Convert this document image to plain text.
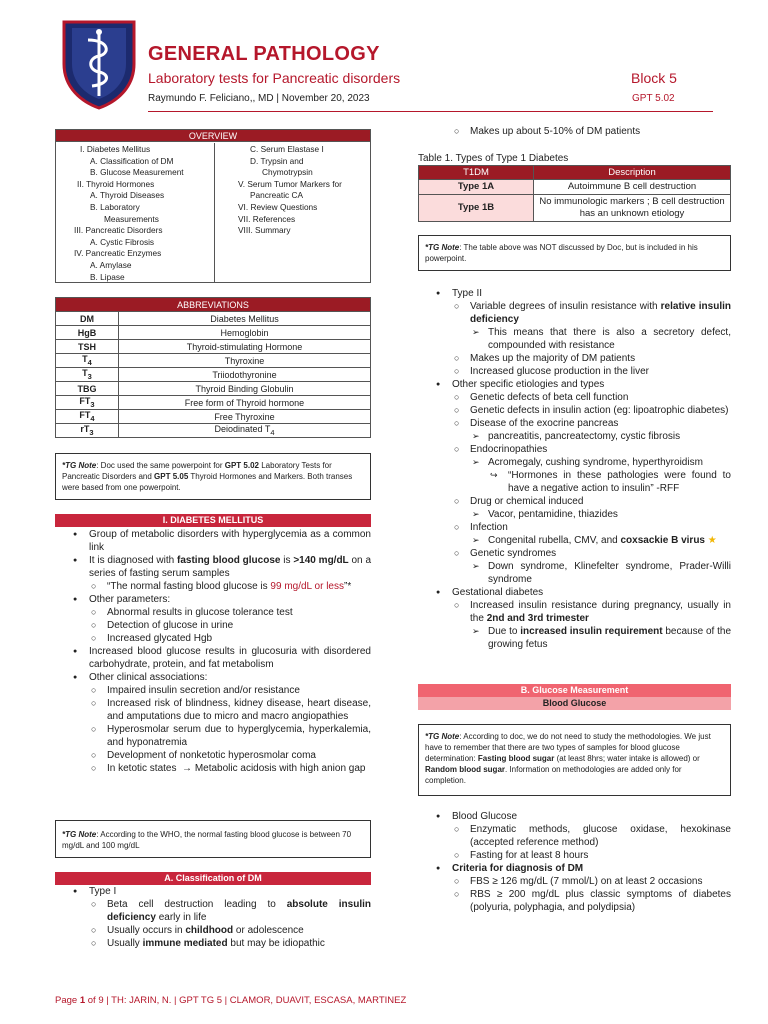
GENERAL PATHOLOGY
Laboratory tests for Pancreatic disorders	Block 5
Raymundo F. Feliciano,, MD | November 20, 2023	GPT 5.02
OVERVIEW
I. Diabetes Mellitus
A. Classification of DM
B. Glucose Measurement
II. Thyroid Hormones
A. Thyroid Diseases
B. Laboratory
Measurements
III. Pancreatic Disorders
A. Cystic Fibrosis
IV. Pancreatic Enzymes
A. Amylase
B. Lipase
C. Serum Elastase I
D. Trypsin and
Chymotrypsin
V. Serum Tumor Markers for
Pancreatic CA
VI. Review Questions
VII. References
VIII. Summary
ABBREVIATIONS	
DM	Diabetes Mellitus
HgB	Hemoglobin
TSH	Thyroid-stimulating Hormone
$T_4$	Thyroxine
$T_3$	Triiodothyronine
TBG	Thyroid Binding Globulin
$FT_3$	Free form of Thyroid hormone
$FT_4$	Free Thyroxine
$rT_3$	Deiodinated $T_4$
*TG Note: Doc used the same powerpoint for GPT 5.02 Laboratory Tests for Pancreatic Disorders and GPT 5.05 Thyroid Hormones and Markers. Both transes were based from one powerpoint.
I. DIABETES MELLITUS
● Group of metabolic disorders with hyperglycemia as a common link
● It is diagnosed with fasting blood glucose is >140 mg/dL on a series of fasting serum samples
○ “The normal fasting blood glucose is 99 mg/dL or less”*
● Other parameters:
○ Abnormal results in glucose tolerance test
○ Detection of glucose in urine
○ Increased glycated Hgb
● Increased blood glucose results in glucosuria with disordered carbohydrate, protein, and fat metabolism
● Other clinical associations:
○ Impaired insulin secretion and/or resistance
○ Increased risk of blindness, kidney disease, heart disease, and amputations due to micro and macro angiopathies
○ Hyperosmolar serum due to hyperglycemia, hyperkalemia, and hyponatremia
○ Development of nonketotic hyperosmolar coma
○ In ketotic states  → Metabolic acidosis with high anion gap
*TG Note: According to the WHO, the normal fasting blood glucose is between 70 mg/dL and 100 mg/dL
A. Classification of DM
● Type I
○ Beta cell destruction leading to absolute insulin deficiency early in life
○ Usually occurs in childhood or adolescence
○ Usually immune mediated but may be idiopathic
○ Makes up about 5-10% of DM patients
Table 1. Types of Type 1 Diabetes
T1DM	Description
Type 1A	Autoimmune B cell destruction
Type 1B	No immunologic markers ; B cell destruction has an unknown etiology
*TG Note: The table above was NOT discussed by Doc, but is included in his powerpoint.
● Type II
○ Variable degrees of insulin resistance with relative insulin deficiency
➢ This means that there is also a secretory defect, compounded with resistance
○ Makes up the majority of DM patients
○ Increased glucose production in the liver
● Other specific etiologies and types
○ Genetic defects of beta cell function
○ Genetic defects in insulin action (eg: lipoatrophic diabetes)
○ Disease of the exocrine pancreas
➢ pancreatitis, pancreatectomy, cystic fibrosis
○ Endocrinopathies
➢ Acromegaly, cushing syndrome, hyperthyroidism
↪ “Hormones in these pathologies were found to have a negative action to insulin” -RFF
○ Drug or chemical induced
➢ Vacor, pentamidine, thiazides
○ Infection
➢ Congenital rubella, CMV, and coxsackie B virus ★
○ Genetic syndromes
➢ Down syndrome, Klinefelter syndrome, Prader-Willi syndrome
● Gestational diabetes
○ Increased insulin resistance during pregnancy, usually in the 2nd and 3rd trimester
➢ Due to increased insulin requirement because of the growing fetus
B. Glucose Measurement
Blood Glucose
*TG Note: According to doc, we do not need to study the methodologies. We just have to remember that there are two types of samples for blood glucose determination: Fasting blood sugar (at least 8hrs; water intake is allowed) or Random blood sugar. Information on methodologies are added only for completion.
● Blood Glucose
○ Enzymatic methods, glucose oxidase, hexokinase (accepted reference method)
○ Fasting for at least 8 hours
● Criteria for diagnosis of DM
○ FBS ≥ 126 mg/dL (7 mmol/L) on at least 2 occasions
○ RBS ≥ 200 mg/dL plus classic symptoms of diabetes (polyuria, polyphagia, and polydipsia)
Page 1 of 9 | TH: JARIN, N. | GPT TG 5 | CLAMOR, DUAVIT, ESCASA, MARTINEZ
